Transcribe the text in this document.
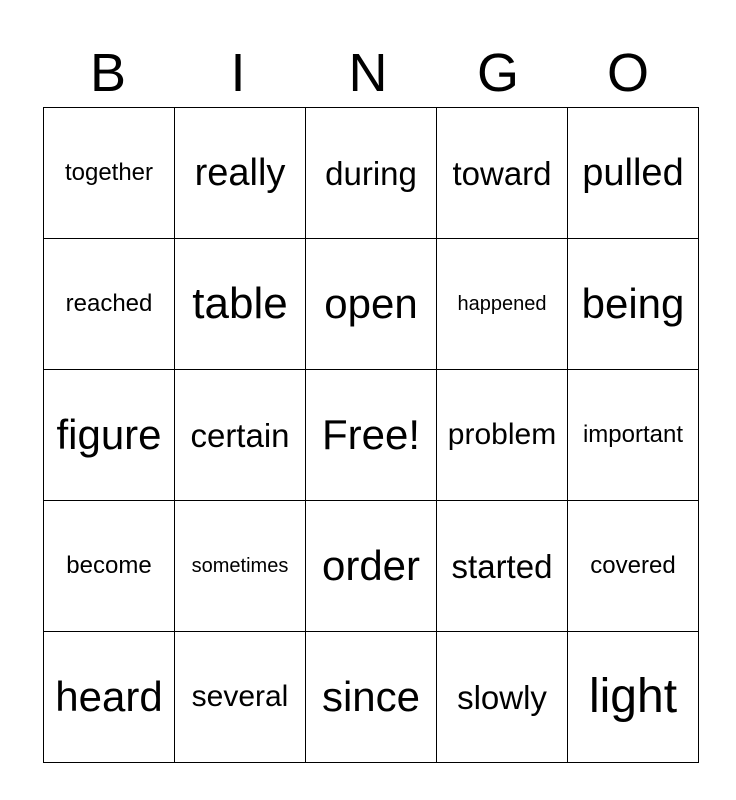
B	I	N	G	O
together	really	during	toward	pulled
reached	table	open	happened	being
figure	certain	Free!	problem	important
become	sometimes	order	started	covered
heard	several	since	slowly	light
